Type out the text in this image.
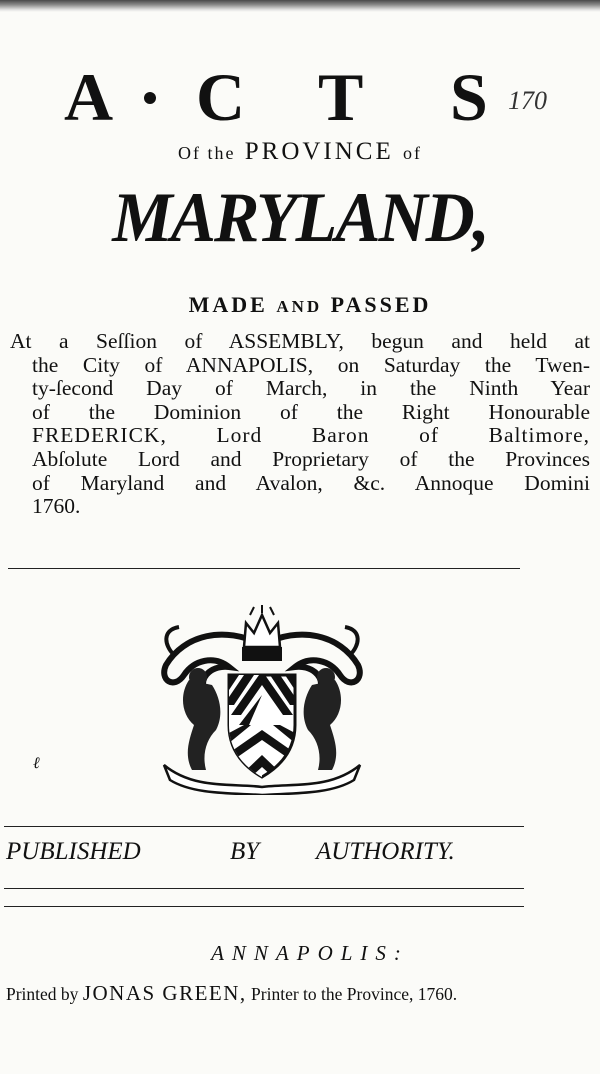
A C T S 170
Of the PROVINCE of
MARYLAND,
MADE AND PASSED
At a Seſſion of ASSEMBLY, begun and held at
the City of ANNAPOLIS, on Saturday the Twen-
ty-ſecond Day of March, in the Ninth Year
of the Dominion of the Right Honourable
FREDERICK, Lord Baron of Baltimore,
Abſolute Lord and Proprietary of the Provinces
of Maryland and Avalon, &c. Annoque Domini
1760.
ℓ
PUBLISHED	BY AUTHORITY.
ANNAPOLIS:
Printed by JONAS GREEN, Printer to the Province, 1760.
